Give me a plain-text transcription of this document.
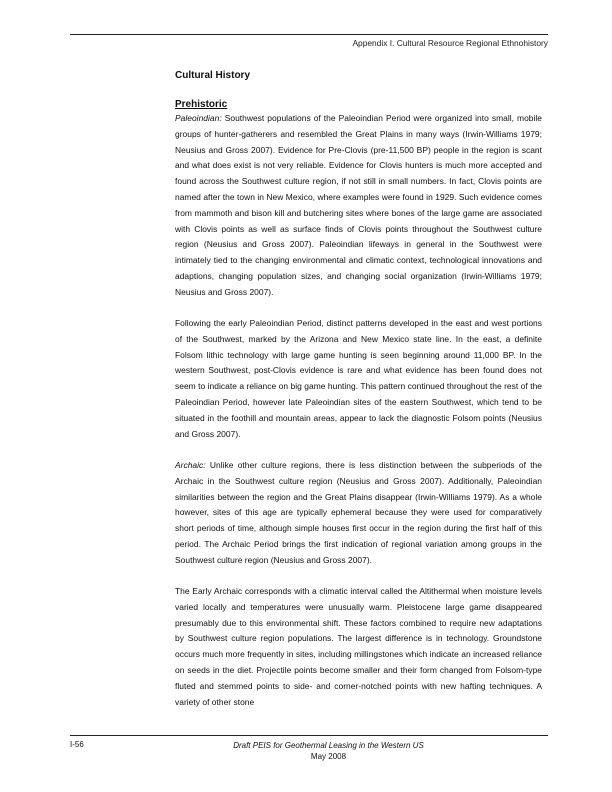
Appendix I. Cultural Resource Regional Ethnohistory
Cultural History
Prehistoric

Paleoindian: Southwest populations of the Paleoindian Period were organized into small, mobile groups of hunter-gatherers and resembled the Great Plains in many ways (Irwin-Williams 1979; Neusius and Gross 2007). Evidence for Pre-Clovis (pre-11,500 BP) people in the region is scant and what does exist is not very reliable. Evidence for Clovis hunters is much more accepted and found across the Southwest culture region, if not still in small numbers. In fact, Clovis points are named after the town in New Mexico, where examples were found in 1929. Such evidence comes from mammoth and bison kill and butchering sites where bones of the large game are associated with Clovis points as well as surface finds of Clovis points throughout the Southwest culture region (Neusius and Gross 2007). Paleoindian lifeways in general in the Southwest were intimately tied to the changing environmental and climatic context, technological innovations and adaptions, changing population sizes, and changing social organization (Irwin-Williams 1979; Neusius and Gross 2007).

Following the early Paleoindian Period, distinct patterns developed in the east and west portions of the Southwest, marked by the Arizona and New Mexico state line. In the east, a definite Folsom lithic technology with large game hunting is seen beginning around 11,000 BP. In the western Southwest, post-Clovis evidence is rare and what evidence has been found does not seem to indicate a reliance on big game hunting. This pattern continued throughout the rest of the Paleoindian Period, however late Paleoindian sites of the eastern Southwest, which tend to be situated in the foothill and mountain areas, appear to lack the diagnostic Folsom points (Neusius and Gross 2007).

Archaic: Unlike other culture regions, there is less distinction between the subperiods of the Archaic in the Southwest culture region (Neusius and Gross 2007). Additionally, Paleoindian similarities between the region and the Great Plains disappear (Irwin-Williams 1979). As a whole however, sites of this age are typically ephemeral because they were used for comparatively short periods of time, although simple houses first occur in the region during the first half of this period. The Archaic Period brings the first indication of regional variation among groups in the Southwest culture region (Neusius and Gross 2007).

The Early Archaic corresponds with a climatic interval called the Altithermal when moisture levels varied locally and temperatures were unusually warm. Pleistocene large game disappeared presumably due to this environmental shift. These factors combined to require new adaptations by Southwest culture region populations. The largest difference is in technology. Groundstone occurs much more frequently in sites, including millingstones which indicate an increased reliance on seeds in the diet. Projectile points become smaller and their form changed from Folsom-type fluted and stemmed points to side- and corner-notched points with new hafting techniques. A variety of other stone

I-56	Draft PEIS for Geothermal Leasing in the Western US
May 2008
